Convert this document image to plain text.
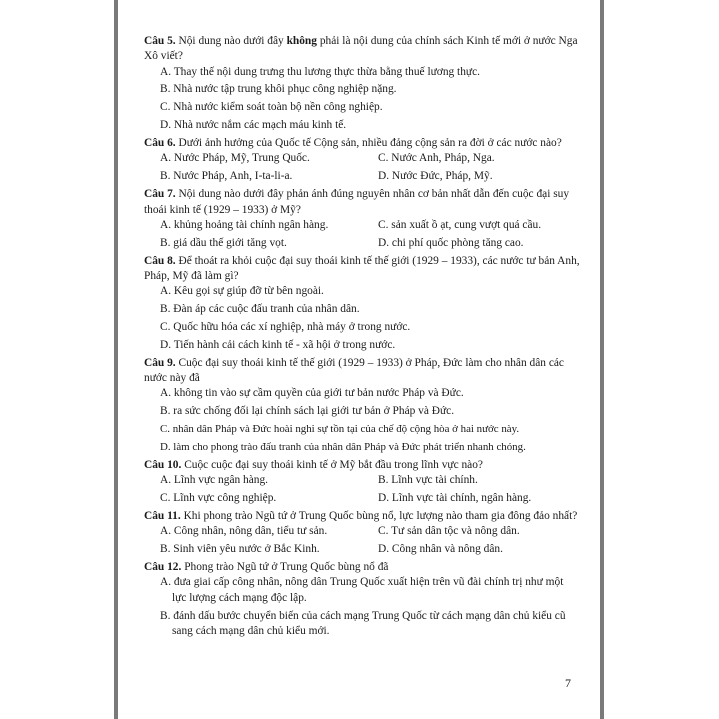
Câu 5. Nội dung nào dưới đây không phải là nội dung của chính sách Kinh tế mới ở nước Nga Xô viết?
A. Thay thế nội dung trưng thu lương thực thừa bằng thuế lương thực.
B. Nhà nước tập trung khôi phục công nghiệp nặng.
C. Nhà nước kiểm soát toàn bộ nền công nghiệp.
D. Nhà nước nắm các mạch máu kinh tế.
Câu 6. Dưới ảnh hưởng của Quốc tế Cộng sản, nhiều đảng cộng sản ra đời ở các nước nào?
A. Nước Pháp, Mỹ, Trung Quốc.	C. Nước Anh, Pháp, Nga.
B. Nước Pháp, Anh, I-ta-li-a.	D. Nước Đức, Pháp, Mỹ.
Câu 7. Nội dung nào dưới đây phản ánh đúng nguyên nhân cơ bản nhất dẫn đến cuộc đại suy thoái kinh tế (1929 – 1933) ở Mỹ?
A. khủng hoảng tài chính ngân hàng.	C. sản xuất ồ ạt, cung vượt quá cầu.
B. giá dầu thế giới tăng vọt.	D. chi phí quốc phòng tăng cao.
Câu 8. Để thoát ra khỏi cuộc đại suy thoái kinh tế thế giới (1929 – 1933), các nước tư bản Anh, Pháp, Mỹ đã làm gì?
A. Kêu gọi sự giúp đỡ từ bên ngoài.
B. Đàn áp các cuộc đấu tranh của nhân dân.
C. Quốc hữu hóa các xí nghiệp, nhà máy ở trong nước.
D. Tiến hành cải cách kinh tế - xã hội ở trong nước.
Câu 9. Cuộc đại suy thoái kinh tế thế giới (1929 – 1933) ở Pháp, Đức làm cho nhân dân các nước này đã
A. không tin vào sự cầm quyền của giới tư bản nước Pháp và Đức.
B. ra sức chống đối lại chính sách lại giới tư bản ở Pháp và Đức.
C. nhân dân Pháp và Đức hoài nghi sự tồn tại của chế độ cộng hòa ở hai nước này.
D. làm cho phong trào đấu tranh của nhân dân Pháp và Đức phát triển nhanh chóng.
Câu 10. Cuộc cuộc đại suy thoái kinh tế ở Mỹ bắt đầu trong lĩnh vực nào?
A. Lĩnh vực ngân hàng.	B. Lĩnh vực tài chính.
C. Lĩnh vực công nghiệp.	D. Lĩnh vực tài chính, ngân hàng.
Câu 11. Khi phong trào Ngũ tứ ở Trung Quốc bùng nổ, lực lượng nào tham gia đông đảo nhất?
A. Công nhân, nông dân, tiểu tư sản.	C. Tư sản dân tộc và nông dân.
B. Sinh viên yêu nước ở Bắc Kinh.	D. Công nhân và nông dân.
Câu 12. Phong trào Ngũ tứ ở Trung Quốc bùng nổ đã
A. đưa giai cấp công nhân, nông dân Trung Quốc xuất hiện trên vũ đài chính trị như một lực lượng cách mạng độc lập.
B. đánh dấu bước chuyển biến của cách mạng Trung Quốc từ cách mạng dân chủ kiểu cũ sang cách mạng dân chủ kiểu mới.
7
